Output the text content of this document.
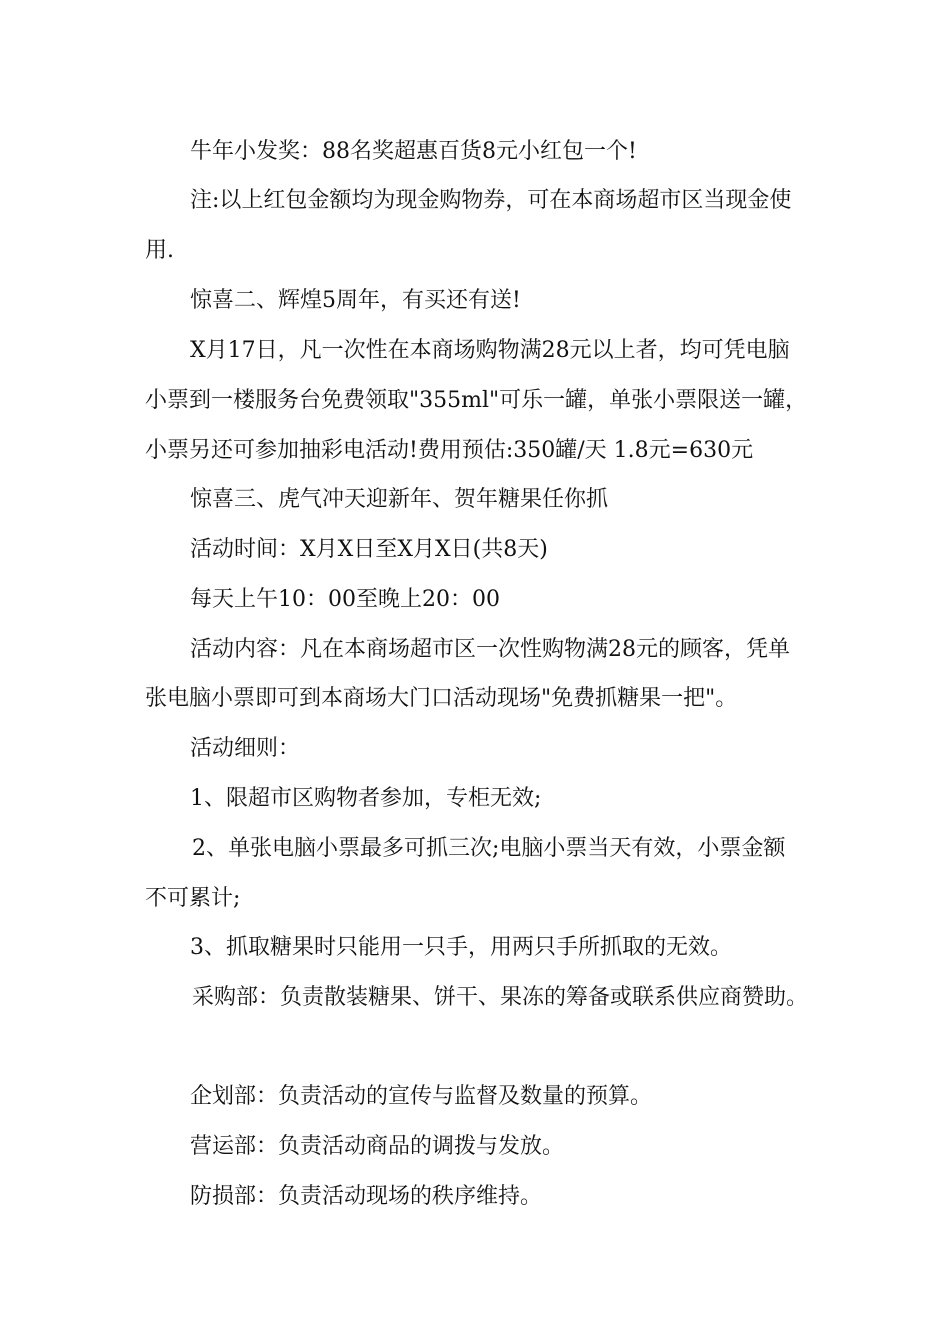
牛年小发奖：88名奖超惠百货8元小红包一个!
注:以上红包金额均为现金购物券，可在本商场超市区当现金使
用.
惊喜二、辉煌5周年，有买还有送!
X月17日，凡一次性在本商场购物满28元以上者，均可凭电脑
小票到一楼服务台免费领取"355ml"可乐一罐，单张小票限送一罐，
小票另还可参加抽彩电活动!费用预估:350罐/天 1.8元=630元
惊喜三、虎气冲天迎新年、贺年糖果任你抓
活动时间：X月X日至X月X日(共8天)
每天上午10：00至晚上20：00
活动内容：凡在本商场超市区一次性购物满28元的顾客，凭单
张电脑小票即可到本商场大门口活动现场"免费抓糖果一把"。
活动细则：
1、限超市区购物者参加，专柜无效;
2、单张电脑小票最多可抓三次;电脑小票当天有效，小票金额
不可累计;
3、抓取糖果时只能用一只手，用两只手所抓取的无效。
采购部：负责散装糖果、饼干、果冻的筹备或联系供应商赞助。
企划部：负责活动的宣传与监督及数量的预算。
营运部：负责活动商品的调拨与发放。
防损部：负责活动现场的秩序维持。
